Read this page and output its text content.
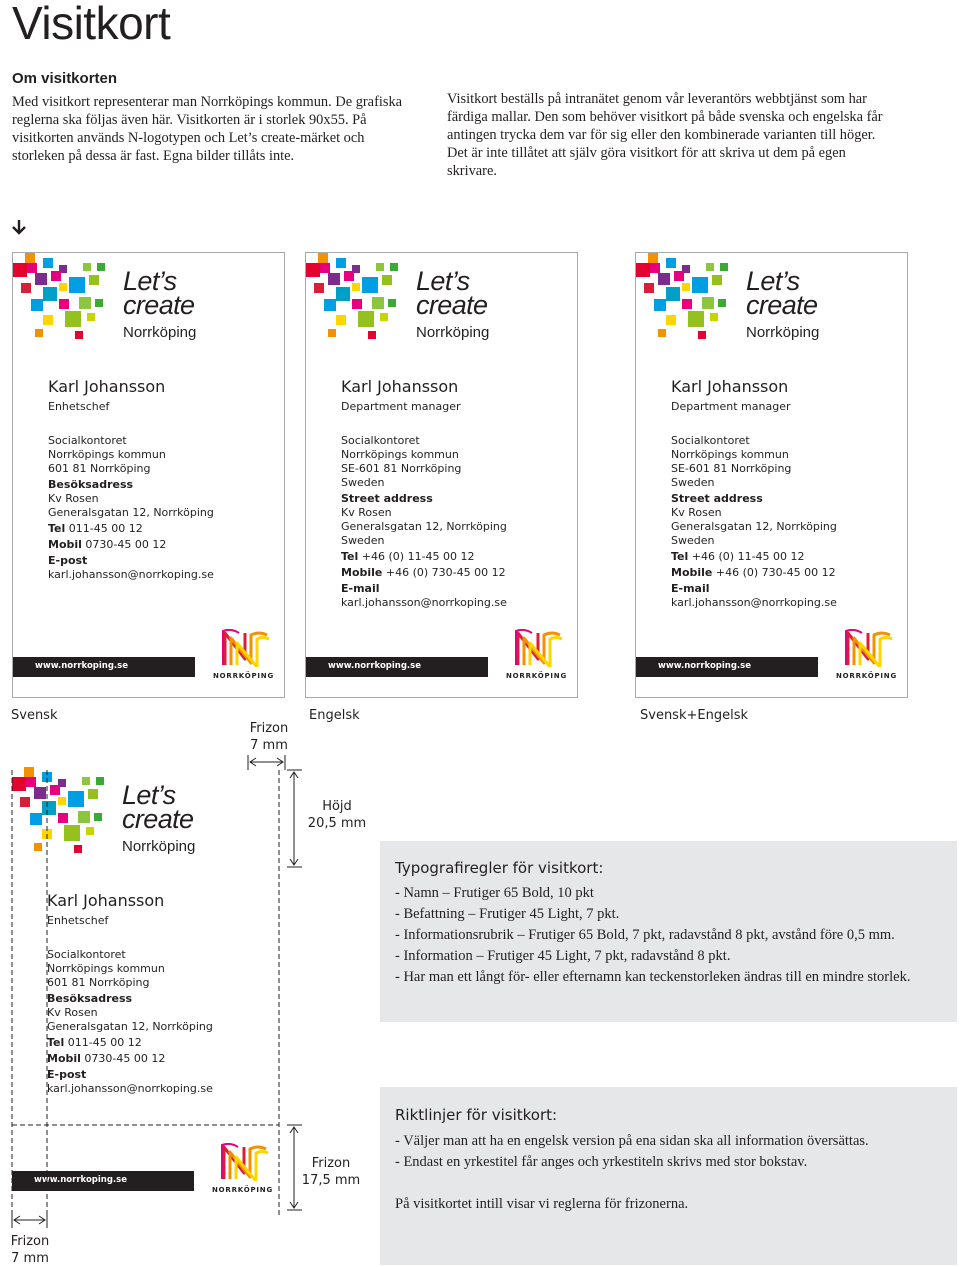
Visitkort
Om visitkorten
Med visitkort representerar man Norrköpings kommun. De grafiska reglerna ska följas även här. Visitkorten är i storlek 90x55. På visitkorten används N-logotypen och Let’s create-märket och storleken på dessa är fast. Egna bilder tillåts inte.
Visitkort beställs på intranätet genom vår leverantörs webbtjänst som har färdiga mallar. Den som behöver visitkort på både svenska och engelska får antingen trycka dem var för sig eller den kombinerade varianten till höger. Det är inte tillåtet att själv göra visitkort för att skriva ut dem på egen skrivare.
Let’s
create
Norrköping
Karl Johansson
Enhetschef
Socialkontoret
Norrköpings kommun
601 81 Norrköping
Besöksadress
Kv Rosen
Generalsgatan 12, Norrköping
Tel 011-45 00 12
Mobil 0730-45 00 12
E-post
karl.johansson@norrkoping.se
www.norrkoping.se
NORRKÖPING
Let’s
create
Norrköping
Karl Johansson
Department manager
Socialkontoret
Norrköpings kommun
SE-601 81 Norrköping
Sweden
Street address
Kv Rosen
Generalsgatan 12, Norrköping
Sweden
Tel +46 (0) 11-45 00 12
Mobile +46 (0) 730-45 00 12
E-mail
karl.johansson@norrkoping.se
www.norrkoping.se
NORRKÖPING
Let’s
create
Norrköping
Karl Johansson
Department manager
Socialkontoret
Norrköpings kommun
SE-601 81 Norrköping
Sweden
Street address
Kv Rosen
Generalsgatan 12, Norrköping
Sweden
Tel +46 (0) 11-45 00 12
Mobile +46 (0) 730-45 00 12
E-mail
karl.johansson@norrkoping.se
www.norrkoping.se
NORRKÖPING
Svensk	Engelsk	Svensk+Engelsk
Let’s
create
Norrköping
Karl Johansson
Enhetschef
Socialkontoret
Norrköpings kommun
601 81 Norrköping
Besöksadress
Kv Rosen
Generalsgatan 12, Norrköping
Tel 011-45 00 12
Mobil 0730-45 00 12
E-post
karl.johansson@norrkoping.se
www.norrkoping.se
NORRKÖPING
Frizon
7 mm
Höjd
20,5 mm
Frizon
17,5 mm
Frizon
7 mm
Typografiregler för visitkort:
- Namn – Frutiger 65 Bold, 10 pkt
- Befattning – Frutiger 45 Light, 7 pkt.
- Informationsrubrik – Frutiger 65 Bold, 7 pkt, radavstånd 8 pkt, avstånd före 0,5 mm.
- Information – Frutiger 45 Light, 7 pkt, radavstånd 8 pkt.
- Har man ett långt för- eller efternamn kan teckenstorleken ändras till en mindre storlek.
Riktlinjer för visitkort:
- Väljer man att ha en engelsk version på ena sidan ska all information översättas.
- Endast en yrkestitel får anges och yrkestiteln skrivs med stor bokstav.
På visitkortet intill visar vi reglerna för frizonerna.
